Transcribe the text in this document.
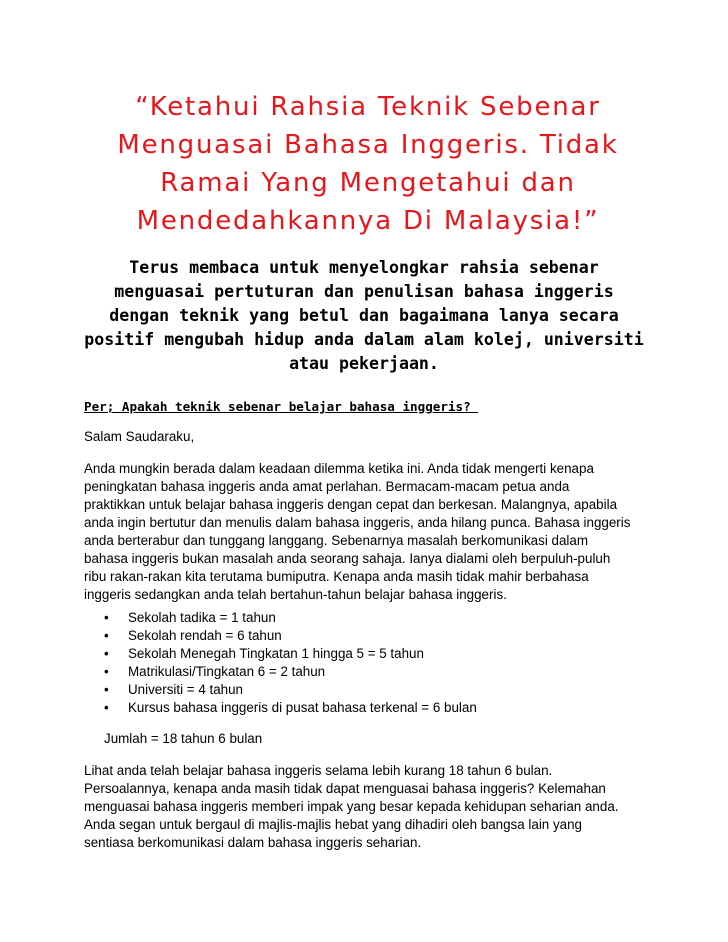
“Ketahui Rahsia Teknik Sebenar
Menguasai Bahasa Inggeris. Tidak
Ramai Yang Mengetahui dan
Mendedahkannya Di Malaysia!”
Terus membaca untuk menyelongkar rahsia sebenar
menguasai pertuturan dan penulisan bahasa inggeris
dengan teknik yang betul dan bagaimana lanya secara
positif mengubah hidup anda dalam alam kolej, universiti
atau pekerjaan.
Per; Apakah teknik sebenar belajar bahasa inggeris?
Salam Saudaraku,

Anda mungkin berada dalam keadaan dilemma ketika ini. Anda tidak mengerti kenapa

peningkatan bahasa inggeris anda amat perlahan. Bermacam-macam petua anda

praktikkan untuk belajar bahasa inggeris dengan cepat dan berkesan. Malangnya, apabila

anda ingin bertutur dan menulis dalam bahasa inggeris, anda hilang punca. Bahasa inggeris

anda berterabur dan tunggang langgang. Sebenarnya masalah berkomunikasi dalam

bahasa inggeris bukan masalah anda seorang sahaja. Ianya dialami oleh berpuluh-puluh

ribu rakan-rakan kita terutama bumiputra. Kenapa anda masih tidak mahir berbahasa

inggeris sedangkan anda telah bertahun-tahun belajar bahasa inggeris.

• Sekolah tadika = 1 tahun
• Sekolah rendah = 6 tahun
• Sekolah Menegah Tingkatan 1 hingga 5 = 5 tahun
• Matrikulasi/Tingkatan 6 = 2 tahun
• Universiti = 4 tahun
• Kursus bahasa inggeris di pusat bahasa terkenal = 6 bulan
Jumlah = 18 tahun 6 bulan

Lihat anda telah belajar bahasa inggeris selama lebih kurang 18 tahun 6 bulan.

Persoalannya, kenapa anda masih tidak dapat menguasai bahasa inggeris? Kelemahan

menguasai bahasa inggeris memberi impak yang besar kepada kehidupan seharian anda.

Anda segan untuk bergaul di majlis-majlis hebat yang dihadiri oleh bangsa lain yang

sentiasa berkomunikasi dalam bahasa inggeris seharian.
